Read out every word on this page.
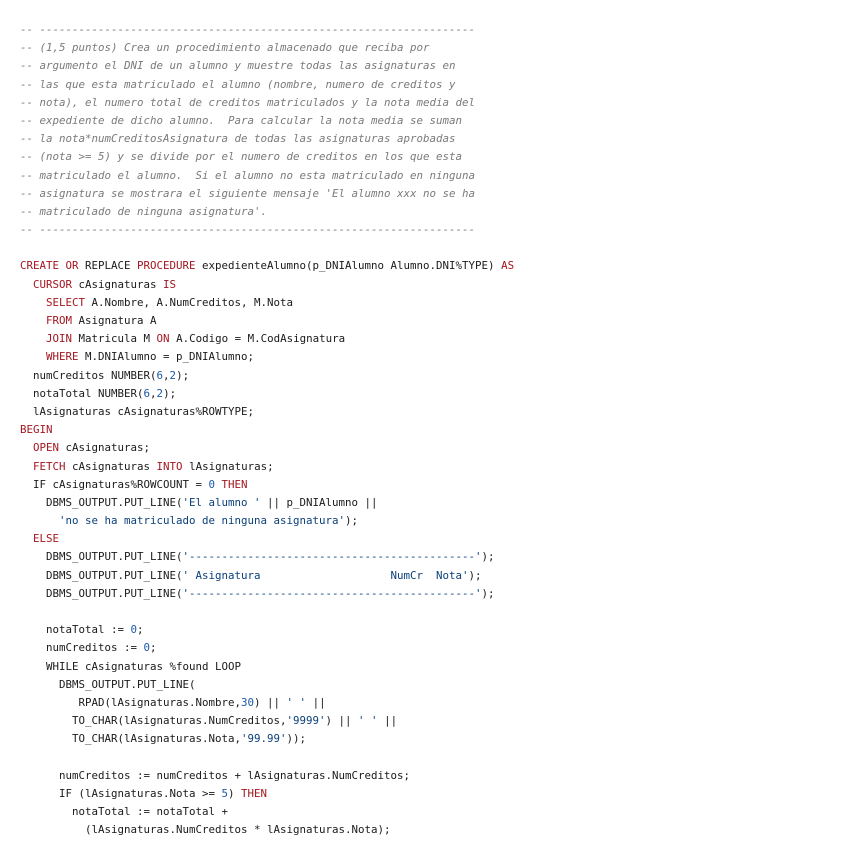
-- -------------------------------------------------------------------
-- (1,5 puntos) Crea un procedimiento almacenado que reciba por
-- argumento el DNI de un alumno y muestre todas las asignaturas en
-- las que esta matriculado el alumno (nombre, numero de creditos y
-- nota), el numero total de creditos matriculados y la nota media del
-- expediente de dicho alumno.  Para calcular la nota media se suman
-- la nota*numCreditosAsignatura de todas las asignaturas aprobadas
-- (nota >= 5) y se divide por el numero de creditos en los que esta
-- matriculado el alumno.  Si el alumno no esta matriculado en ninguna
-- asignatura se mostrara el siguiente mensaje 'El alumno xxx no se ha
-- matriculado de ninguna asignatura'.
-- -------------------------------------------------------------------

CREATE OR REPLACE PROCEDURE expedienteAlumno(p_DNIAlumno Alumno.DNI%TYPE) AS
CURSOR cAsignaturas IS
SELECT A.Nombre, A.NumCreditos, M.Nota
FROM Asignatura A
JOIN Matricula M ON A.Codigo = M.CodAsignatura
WHERE M.DNIAlumno = p_DNIAlumno;
numCreditos NUMBER(6,2);
notaTotal NUMBER(6,2);
lAsignaturas cAsignaturas%ROWTYPE;
BEGIN
OPEN cAsignaturas;
FETCH cAsignaturas INTO lAsignaturas;
IF cAsignaturas%ROWCOUNT = 0 THEN
DBMS_OUTPUT.PUT_LINE('El alumno ' || p_DNIAlumno ||
'no se ha matriculado de ninguna asignatura');
ELSE
DBMS_OUTPUT.PUT_LINE('--------------------------------------------');
DBMS_OUTPUT.PUT_LINE(' Asignatura                    NumCr  Nota');
DBMS_OUTPUT.PUT_LINE('--------------------------------------------');

notaTotal := 0;
numCreditos := 0;
WHILE cAsignaturas %found LOOP
DBMS_OUTPUT.PUT_LINE(
RPAD(lAsignaturas.Nombre,30) || ' ' ||
TO_CHAR(lAsignaturas.NumCreditos,'9999') || ' ' ||
TO_CHAR(lAsignaturas.Nota,'99.99'));

numCreditos := numCreditos + lAsignaturas.NumCreditos;
IF (lAsignaturas.Nota >= 5) THEN
notaTotal := notaTotal +
(lAsignaturas.NumCreditos * lAsignaturas.Nota);
